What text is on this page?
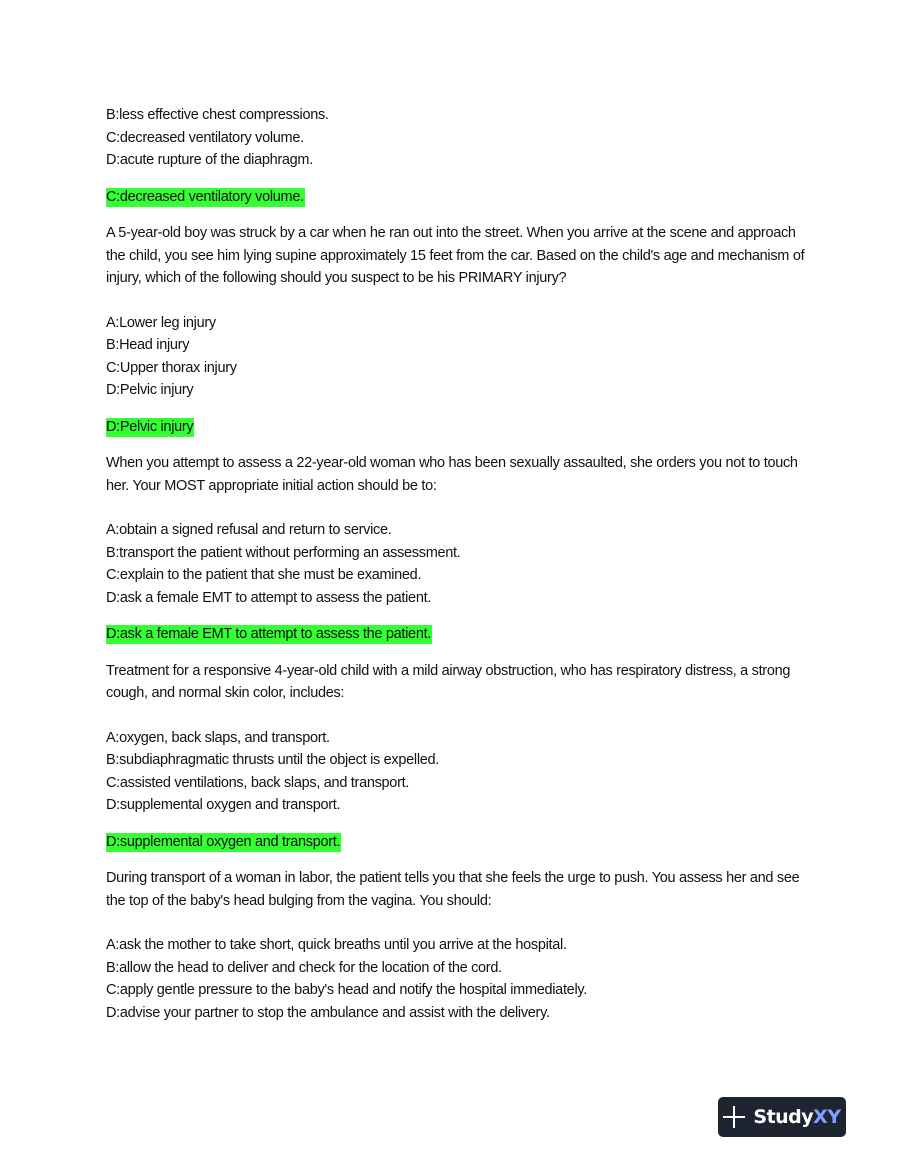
B:less effective chest compressions.
C:decreased ventilatory volume.
D:acute rupture of the diaphragm.
C:decreased ventilatory volume.
A 5-year-old boy was struck by a car when he ran out into the street. When you arrive at the scene and approach the child, you see him lying supine approximately 15 feet from the car. Based on the child's age and mechanism of injury, which of the following should you suspect to be his PRIMARY injury?
A:Lower leg injury
B:Head injury
C:Upper thorax injury
D:Pelvic injury
D:Pelvic injury
When you attempt to assess a 22-year-old woman who has been sexually assaulted, she orders you not to touch her. Your MOST appropriate initial action should be to:
A:obtain a signed refusal and return to service.
B:transport the patient without performing an assessment.
C:explain to the patient that she must be examined.
D:ask a female EMT to attempt to assess the patient.
D:ask a female EMT to attempt to assess the patient.
Treatment for a responsive 4-year-old child with a mild airway obstruction, who has respiratory distress, a strong cough, and normal skin color, includes:
A:oxygen, back slaps, and transport.
B:subdiaphragmatic thrusts until the object is expelled.
C:assisted ventilations, back slaps, and transport.
D:supplemental oxygen and transport.
D:supplemental oxygen and transport.
During transport of a woman in labor, the patient tells you that she feels the urge to push. You assess her and see the top of the baby's head bulging from the vagina. You should:
A:ask the mother to take short, quick breaths until you arrive at the hospital.
B:allow the head to deliver and check for the location of the cord.
C:apply gentle pressure to the baby's head and notify the hospital immediately.
D:advise your partner to stop the ambulance and assist with the delivery.
StudyXY
